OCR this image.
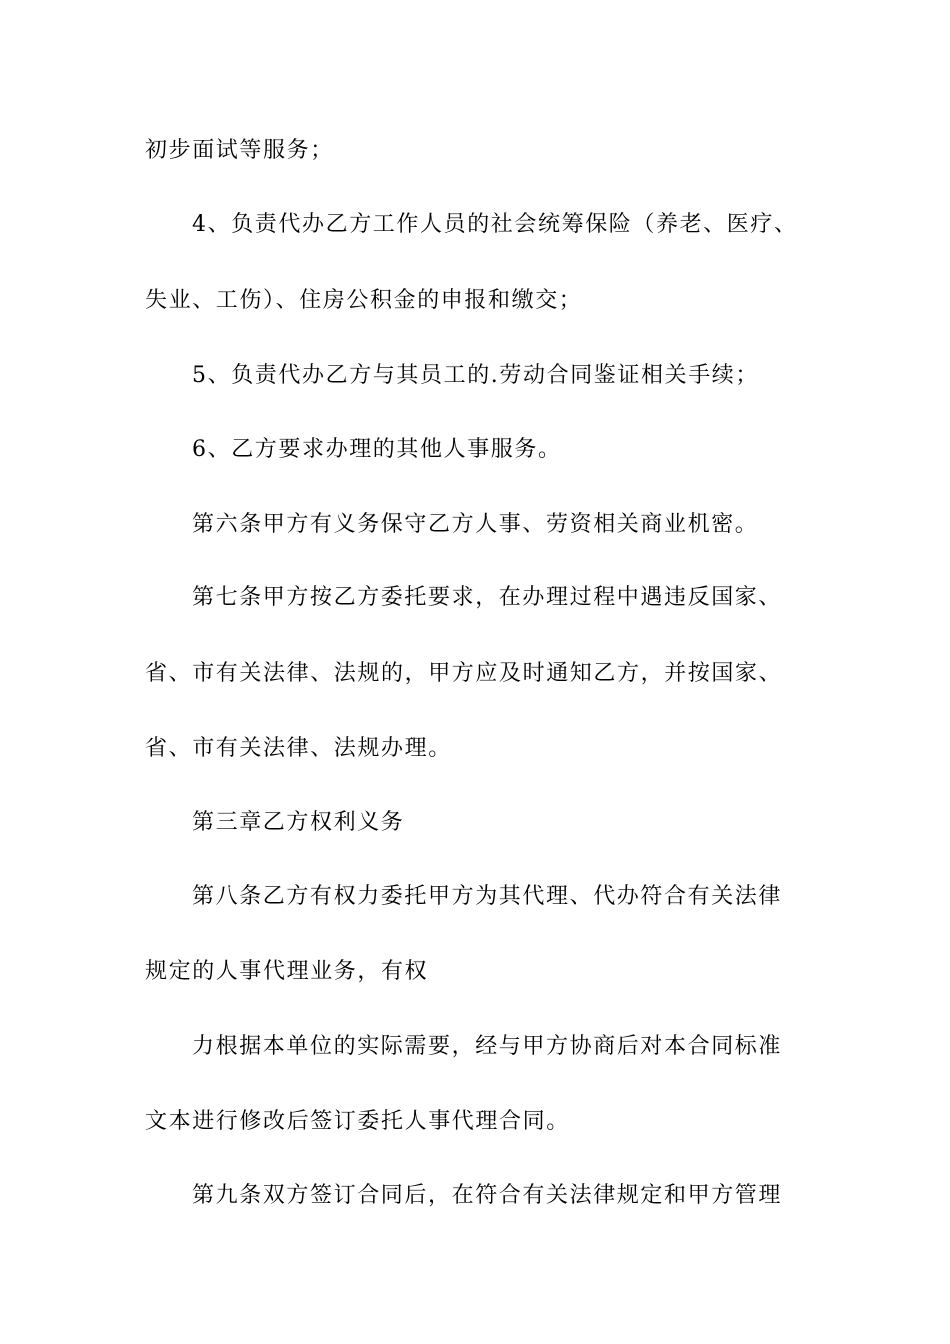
初步面试等服务；
4、负责代办乙方工作人员的社会统筹保险（养老、医疗、
失业、工伤）、住房公积金的申报和缴交；
5、负责代办乙方与其员工的.劳动合同鉴证相关手续；
6、乙方要求办理的其他人事服务。
第六条甲方有义务保守乙方人事、劳资相关商业机密。
第七条甲方按乙方委托要求，在办理过程中遇违反国家、
省、市有关法律、法规的，甲方应及时通知乙方，并按国家、
省、市有关法律、法规办理。
第三章乙方权利义务
第八条乙方有权力委托甲方为其代理、代办符合有关法律
规定的人事代理业务，有权
力根据本单位的实际需要，经与甲方协商后对本合同标准
文本进行修改后签订委托人事代理合同。
第九条双方签订合同后，在符合有关法律规定和甲方管理
